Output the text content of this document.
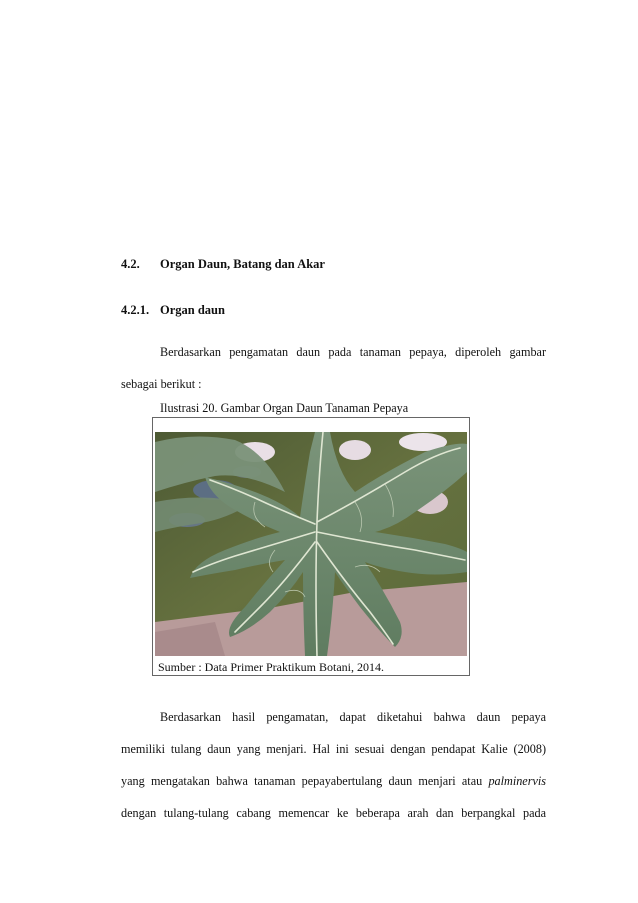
4.2. Organ Daun, Batang dan Akar
4.2.1. Organ daun
Berdasarkan pengamatan daun pada tanaman pepaya, diperoleh gambar
sebagai berikut :
Ilustrasi 20. Gambar Organ Daun Tanaman Pepaya
Sumber : Data Primer Praktikum Botani, 2014.
Berdasarkan hasil pengamatan, dapat diketahui bahwa daun pepaya
memiliki tulang daun yang menjari. Hal ini sesuai dengan pendapat Kalie (2008)
yang mengatakan bahwa tanaman pepayabertulang daun menjari atau palminervis
dengan tulang-tulang cabang memencar ke beberapa arah dan berpangkal pada
